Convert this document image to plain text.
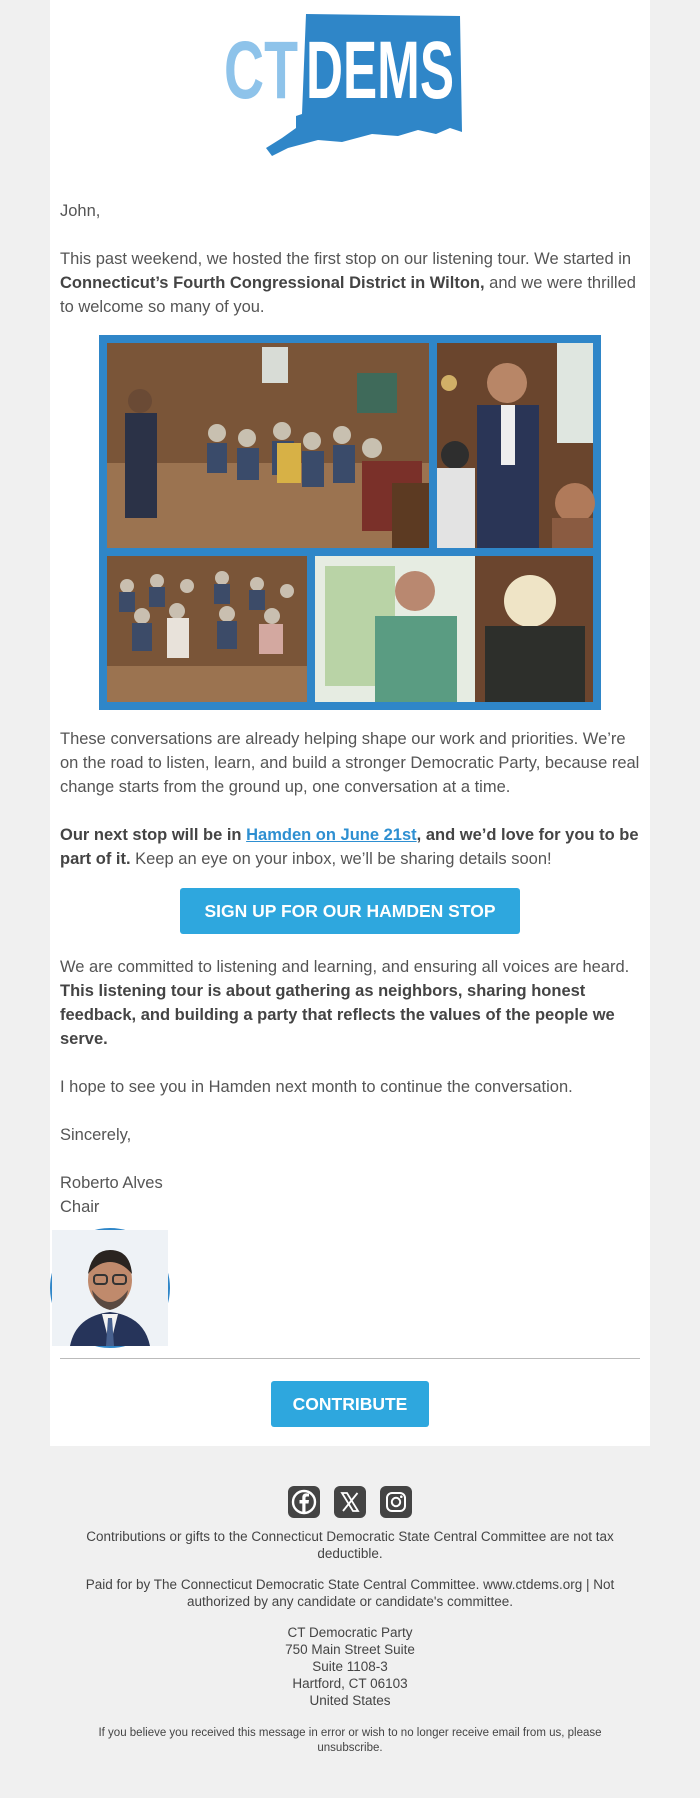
CT DEMS

John,

This past weekend, we hosted the first stop on our listening tour. We started in Connecticut’s Fourth Congressional District in Wilton, and we were thrilled to welcome so many of you.

These conversations are already helping shape our work and priorities. We’re on the road to listen, learn, and build a stronger Democratic Party, because real change starts from the ground up, one conversation at a time.

Our next stop will be in Hamden on June 21st, and we’d love for you to be part of it. Keep an eye on your inbox, we’ll be sharing details soon!

SIGN UP FOR OUR HAMDEN STOP

We are committed to listening and learning, and ensuring all voices are heard. This listening tour is about gathering as neighbors, sharing honest feedback, and building a party that reflects the values of the people we serve.

I hope to see you in Hamden next month to continue the conversation.

Sincerely,

Roberto Alves

Chair

CONTRIBUTE

Contributions or gifts to the Connecticut Democratic State Central Committee are not tax deductible.

Paid for by The Connecticut Democratic State Central Committee. www.ctdems.org | Not authorized by any candidate or candidate's committee.

CT Democratic Party
750 Main Street Suite
Suite 1108-3
Hartford, CT 06103
United States

If you believe you received this message in error or wish to no longer receive email from us, please unsubscribe.
